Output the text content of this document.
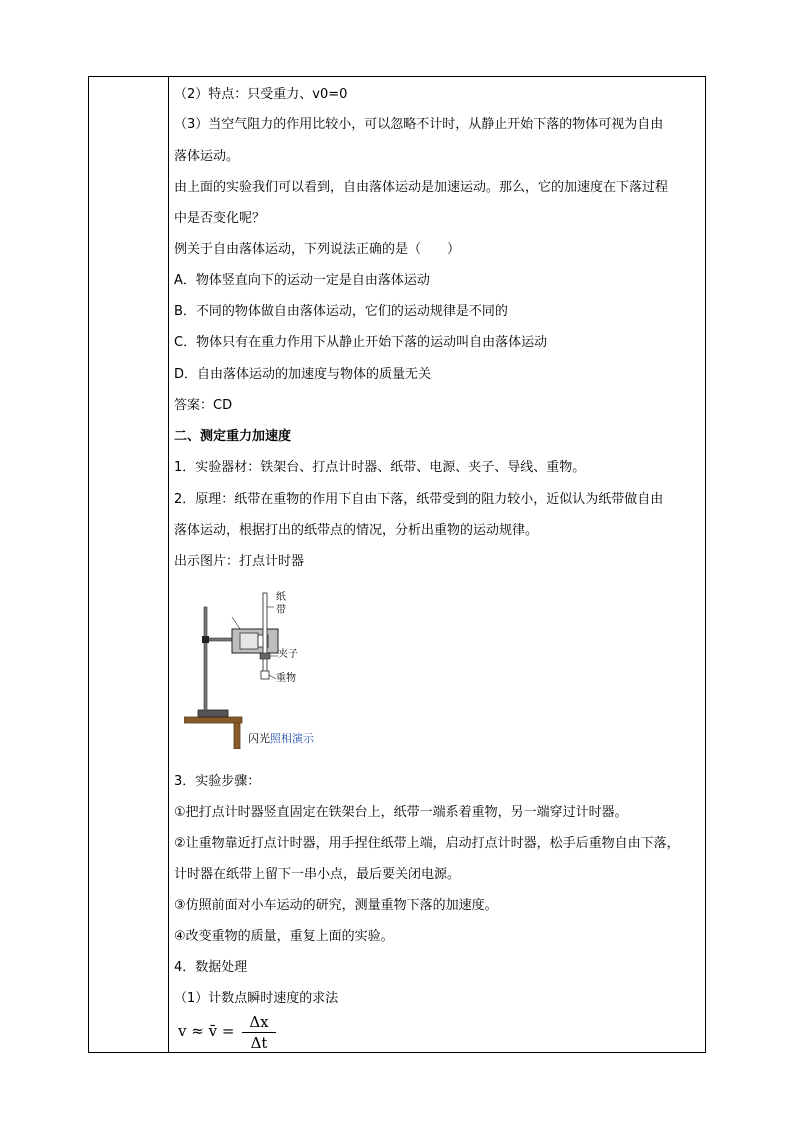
（2）特点：只受重力、v0=0
（3）当空气阻力的作用比较小，可以忽略不计时，从静止开始下落的物体可视为自由
落体运动。
由上面的实验我们可以看到，自由落体运动是加速运动。那么，它的加速度在下落过程
中是否变化呢？
例关于自由落体运动，下列说法正确的是（　　）
A．物体竖直向下的运动一定是自由落体运动
B．不同的物体做自由落体运动，它们的运动规律是不同的
C．物体只有在重力作用下从静止开始下落的运动叫自由落体运动
D．自由落体运动的加速度与物体的质量无关
答案：CD
二、测定重力加速度
1．实验器材：铁架台、打点计时器、纸带、电源、夹子、导线、重物。
2．原理：纸带在重物的作用下自由下落，纸带受到的阻力较小，近似认为纸带做自由
落体运动，根据打出的纸带点的情况，分析出重物的运动规律。
出示图片：打点计时器
纸
带
夹子
重物
闪光照相演示
3．实验步骤：
①把打点计时器竖直固定在铁架台上，纸带一端系着重物，另一端穿过计时器。
②让重物靠近打点计时器，用手捏住纸带上端，启动打点计时器，松手后重物自由下落，
计时器在纸带上留下一串小点，最后要关闭电源。
③仿照前面对小车运动的研究，测量重物下落的加速度。
④改变重物的质量，重复上面的实验。
4．数据处理
（1）计数点瞬时速度的求法
v ≈ v̄ = Δx
Δt
